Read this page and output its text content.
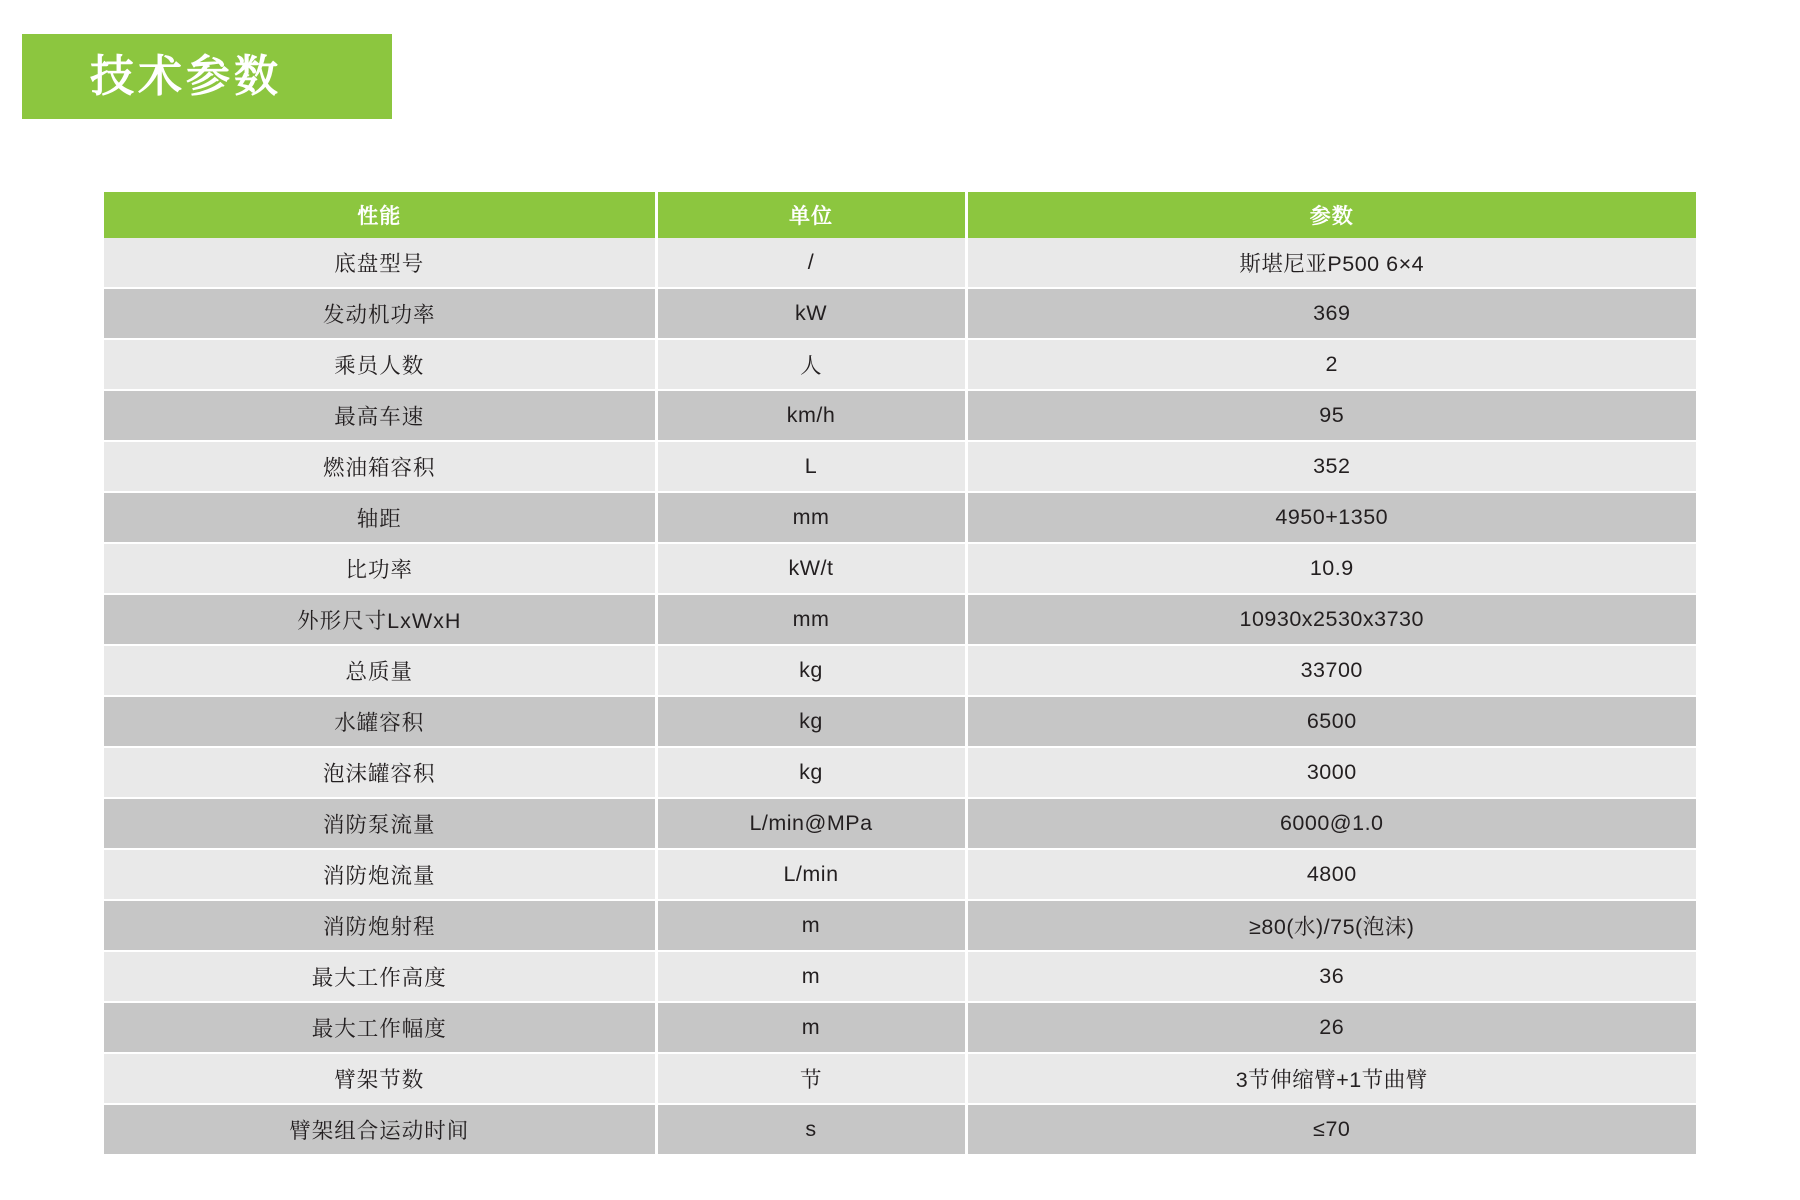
技术参数
性能	单位	参数
底盘型号	/	斯堪尼亚P500 6×4
发动机功率	kW	369
乘员人数	人	2
最高车速	km/h	95
燃油箱容积	L	352
轴距	mm	4950+1350
比功率	kW/t	10.9
外形尺寸LxWxH	mm	10930x2530x3730
总质量	kg	33700
水罐容积	kg	6500
泡沫罐容积	kg	3000
消防泵流量	L/min@MPa	6000@1.0
消防炮流量	L/min	4800
消防炮射程	m	≥80(水)/75(泡沫)
最大工作高度	m	36
最大工作幅度	m	26
臂架节数	节	3节伸缩臂+1节曲臂
臂架组合运动时间	s	≤70
